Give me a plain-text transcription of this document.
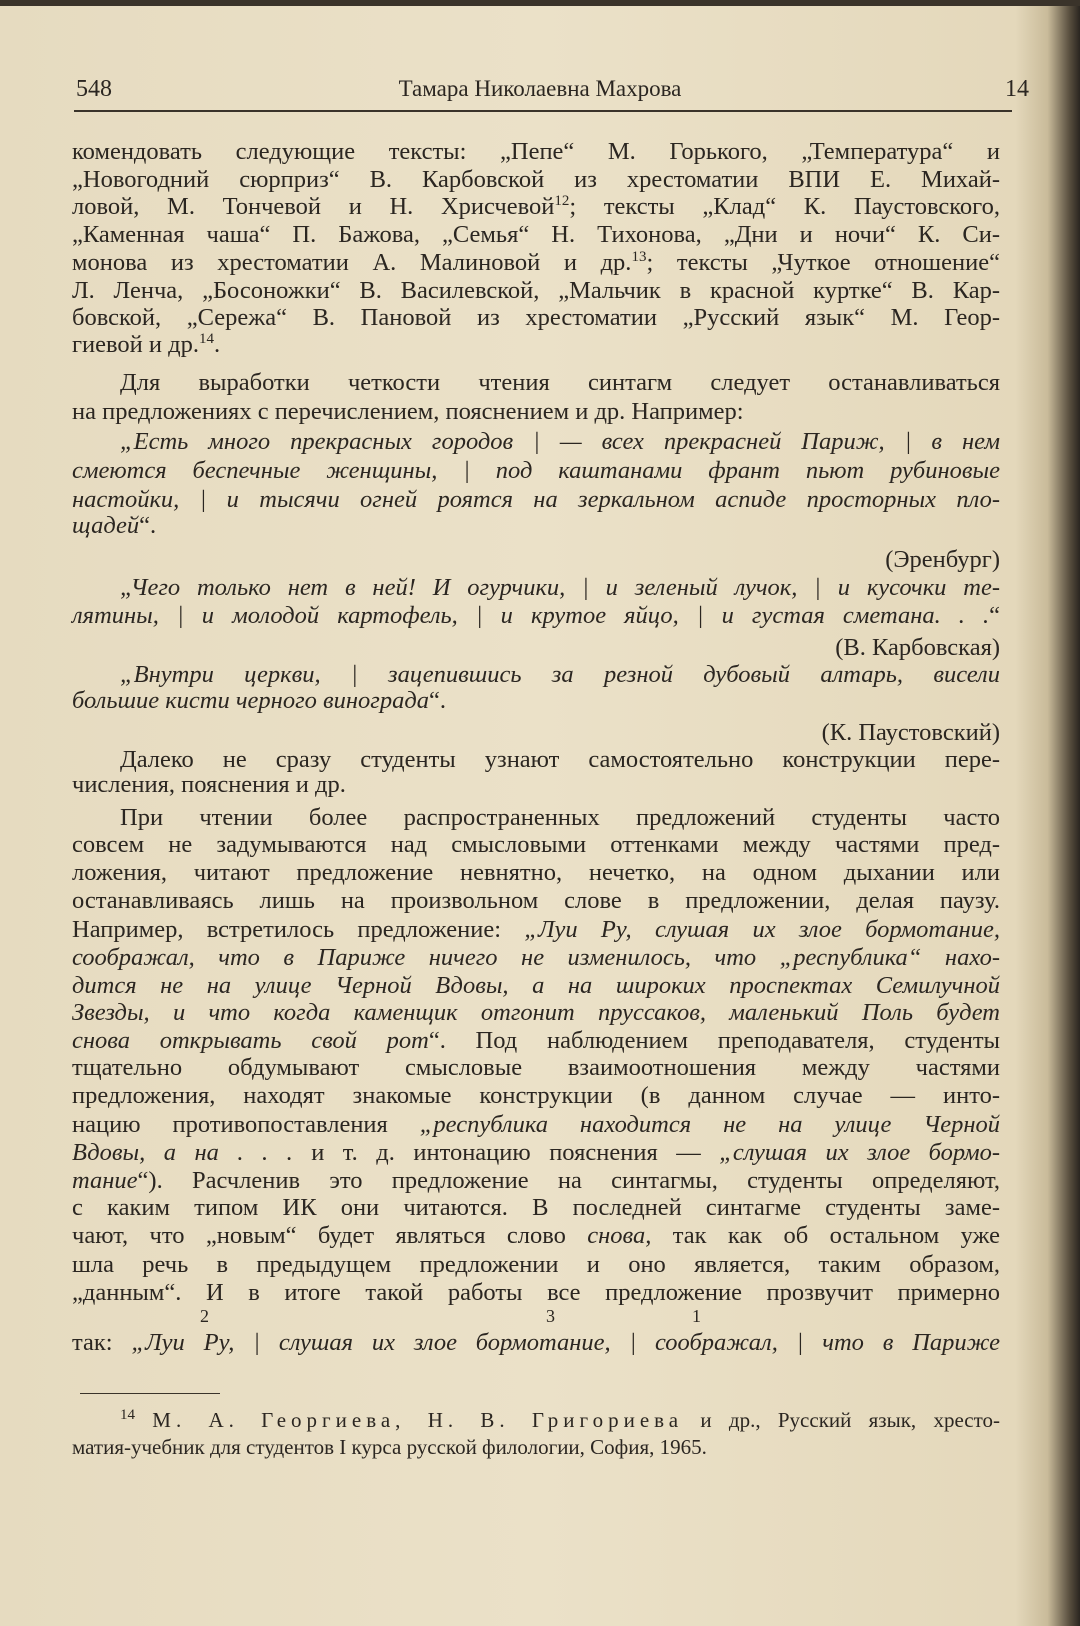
548	Тамара Николаевна Махрова	14
комендовать следующие тексты: „Пепе“ М. Горького, „Температура“ и
„Новогодний сюрприз“ В. Карбовской из хрестоматии ВПИ Е. Михай-
ловой, М. Тончевой и Н. Хрисчевой$^{12}$; тексты „Клад“ К. Паустовского,
„Каменная чаша“ П. Бажова, „Семья“ Н. Тихонова, „Дни и ночи“ К. Си-
монова из хрестоматии А. Малиновой и др.$^{13}$; тексты „Чуткое отношение“
Л. Ленча, „Босоножки“ В. Василевской, „Мальчик в красной куртке“ В. Кар-
бовской, „Сережа“ В. Пановой из хрестоматии „Русский язык“ М. Геор-
гиевой и др.$^{14}$.
Для выработки четкости чтения синтагм следует останавливаться
на предложениях с перечислением, пояснением и др. Например:
„Есть много прекрасных городов | — всех прекрасней Париж, | в нем
смеются беспечные женщины, | под каштанами франт пьют рубиновые
настойки, | и тысячи огней роятся на зеркальном аспиде просторных пло-
щадей“.
(Эренбург)
„Чего только нет в ней! И огурчики, | и зеленый лучок, | и кусочки те-
лятины, | и молодой картофель, | и крутое яйцо, | и густая сметана. . .“
(В. Карбовская)
„Внутри церкви, | зацепившись за резной дубовый алтарь, висели
большие кисти черного винограда“.
(К. Паустовский)
Далеко не сразу студенты узнают самостоятельно конструкции пере-
числения, пояснения и др.
При чтении более распространенных предложений студенты часто
совсем не задумываются над смысловыми оттенками между частями пред-
ложения, читают предложение невнятно, нечетко, на одном дыхании или
останавливаясь лишь на произвольном слове в предложении, делая паузу.
Например, встретилось предложение: „Луи Ру, слушая их злое бормотание,
соображал, что в Париже ничего не изменилось, что „республика“ нахо-
дится не на улице Черной Вдовы, а на широких проспектах Семилучной
Звезды, и что когда каменщик отгонит пруссаков, маленький Поль будет
снова открывать свой рот“. Под наблюдением преподавателя, студенты
тщательно обдумывают смысловые взаимоотношения между частями
предложения, находят знакомые конструкции (в данном случае — инто-
нацию противопоставления „республика находится не на улице Черной
Вдовы, а на . . . и т. д. интонацию пояснения — „слушая их злое бормо-
тание“). Расчленив это предложение на синтагмы, студенты определяют,
с каким типом ИК они читаются. В последней синтагме студенты заме-
чают, что „новым“ будет являться слово снова, так как об остальном уже
шла речь в предыдущем предложении и оно является, таким образом,
„данным“. И в итоге такой работы все предложение прозвучит примерно
так: „Луи Ру, | слушая их злое бормотание, | соображал, | что в Париже
2	3	1
$^{14}$ М. А. Георгиева, Н. В. Григориева и др., Русский язык, хресто-
матия-учебник для студентов I курса русской филологии, София, 1965.
